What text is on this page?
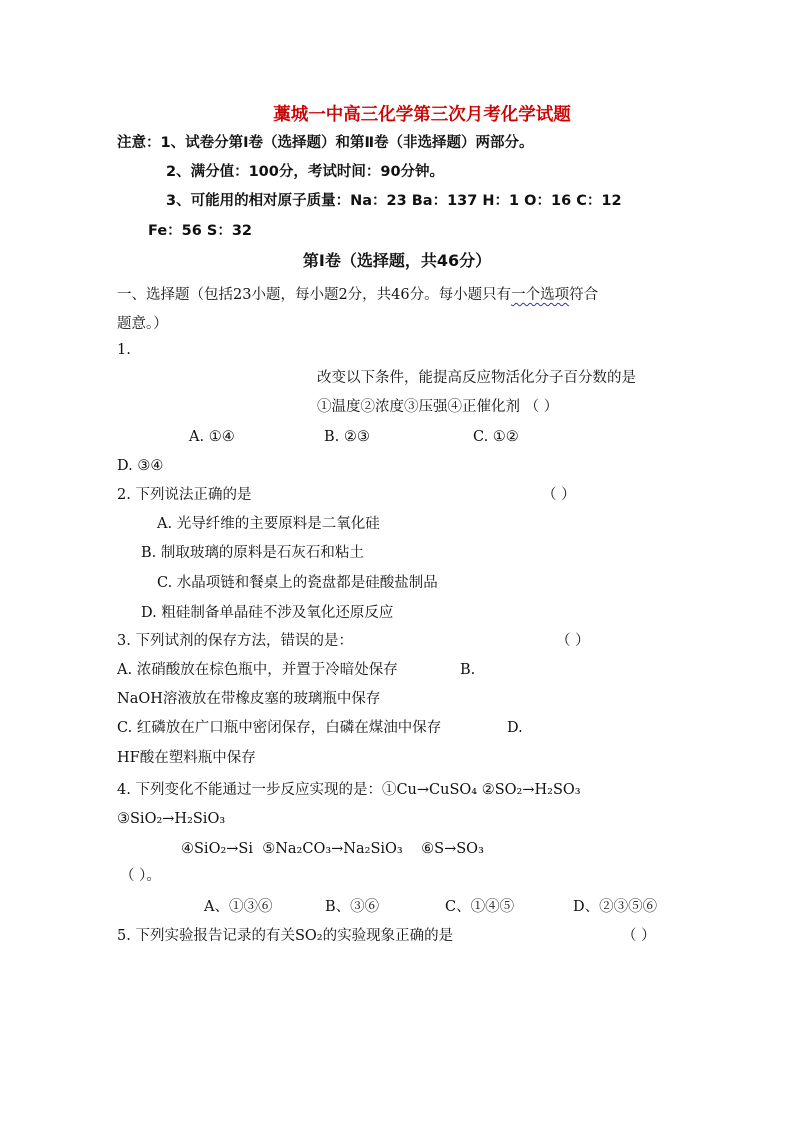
藁城一中高三化学第三次月考化学试题
注意：1、试卷分第Ⅰ卷（选择题）和第Ⅱ卷（非选择题）两部分。
2、满分值：100分，考试时间：90分钟。
3、可能用的相对原子质量：Na：23 Ba：137 H：1 O：16 C：12
Fe：56 S：32
第Ⅰ卷（选择题，共46分）
一、选择题（包括23小题，每小题2分，共46分。每小题只有一个选项符合
题意。）
1.
改变以下条件，能提高反应物活化分子百分数的是
①温度②浓度③压强④正催化剂 （ ）
A. ①④	B. ②③	C. ①②
D. ③④
2. 下列说法正确的是	（ ）
A. 光导纤维的主要原料是二氧化硅
B. 制取玻璃的原料是石灰石和粘土
C. 水晶项链和餐桌上的瓷盘都是硅酸盐制品
D. 粗硅制备单晶硅不涉及氧化还原反应
3. 下列试剂的保存方法，错误的是：	（ ）
A. 浓硝酸放在棕色瓶中，并置于冷暗处保存	B.
NaOH溶液放在带橡皮塞的玻璃瓶中保存
C. 红磷放在广口瓶中密闭保存，白磷在煤油中保存	D.
HF酸在塑料瓶中保存
4. 下列变化不能通过一步反应实现的是：①Cu→CuSO₄ ②SO₂→H₂SO₃
③SiO₂→H₂SiO₃
④SiO₂→Si ⑤Na₂CO₃→Na₂SiO₃ ⑥S→SO₃
（ ）。
A、①③⑥	B、③⑥	C、①④⑤	D、②③⑤⑥
5. 下列实验报告记录的有关SO₂的实验现象正确的是	（ ）
